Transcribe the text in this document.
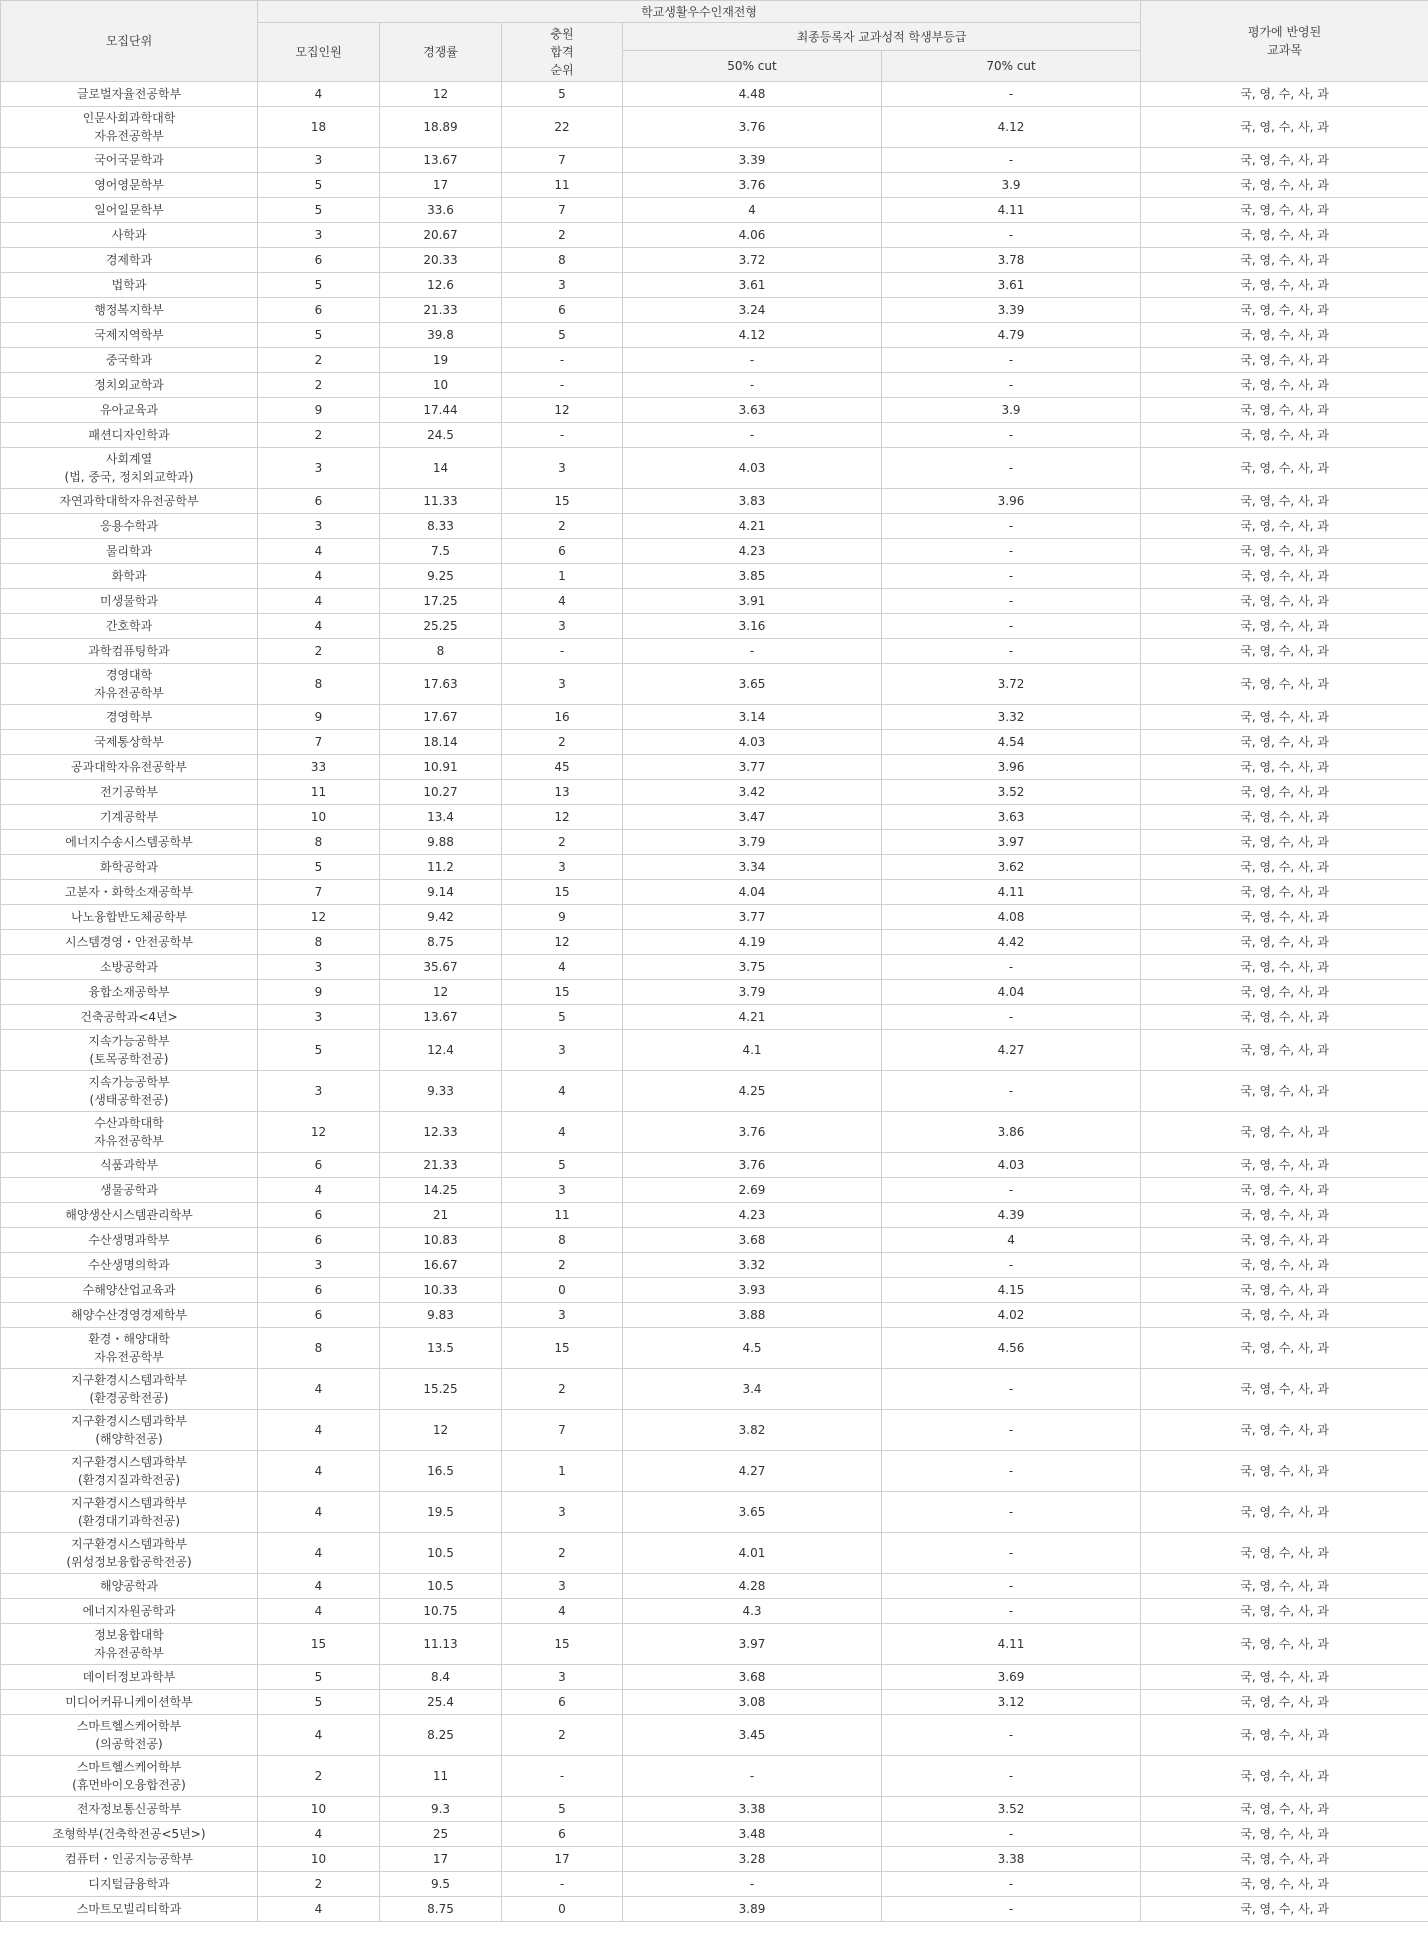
모집단위	학교생활우수인재전형					평가에 반영된
교과목
	모집인원	경쟁률	충원
합격
순위	최종등록자 교과성적 학생부등급		
				50% cut	70% cut	
글로벌자율전공학부	4	12	5	4.48	-	국, 영, 수, 사, 과
인문사회과학대학
자유전공학부	18	18.89	22	3.76	4.12	국, 영, 수, 사, 과
국어국문학과	3	13.67	7	3.39	-	국, 영, 수, 사, 과
영어영문학부	5	17	11	3.76	3.9	국, 영, 수, 사, 과
일어일문학부	5	33.6	7	4	4.11	국, 영, 수, 사, 과
사학과	3	20.67	2	4.06	-	국, 영, 수, 사, 과
경제학과	6	20.33	8	3.72	3.78	국, 영, 수, 사, 과
법학과	5	12.6	3	3.61	3.61	국, 영, 수, 사, 과
행정복지학부	6	21.33	6	3.24	3.39	국, 영, 수, 사, 과
국제지역학부	5	39.8	5	4.12	4.79	국, 영, 수, 사, 과
중국학과	2	19	-	-	-	국, 영, 수, 사, 과
정치외교학과	2	10	-	-	-	국, 영, 수, 사, 과
유아교육과	9	17.44	12	3.63	3.9	국, 영, 수, 사, 과
패션디자인학과	2	24.5	-	-	-	국, 영, 수, 사, 과
사회계열
(법, 중국, 정치외교학과)	3	14	3	4.03	-	국, 영, 수, 사, 과
자연과학대학자유전공학부	6	11.33	15	3.83	3.96	국, 영, 수, 사, 과
응용수학과	3	8.33	2	4.21	-	국, 영, 수, 사, 과
물리학과	4	7.5	6	4.23	-	국, 영, 수, 사, 과
화학과	4	9.25	1	3.85	-	국, 영, 수, 사, 과
미생물학과	4	17.25	4	3.91	-	국, 영, 수, 사, 과
간호학과	4	25.25	3	3.16	-	국, 영, 수, 사, 과
과학컴퓨팅학과	2	8	-	-	-	국, 영, 수, 사, 과
경영대학
자유전공학부	8	17.63	3	3.65	3.72	국, 영, 수, 사, 과
경영학부	9	17.67	16	3.14	3.32	국, 영, 수, 사, 과
국제통상학부	7	18.14	2	4.03	4.54	국, 영, 수, 사, 과
공과대학자유전공학부	33	10.91	45	3.77	3.96	국, 영, 수, 사, 과
전기공학부	11	10.27	13	3.42	3.52	국, 영, 수, 사, 과
기계공학부	10	13.4	12	3.47	3.63	국, 영, 수, 사, 과
에너지수송시스템공학부	8	9.88	2	3.79	3.97	국, 영, 수, 사, 과
화학공학과	5	11.2	3	3.34	3.62	국, 영, 수, 사, 과
고분자・화학소재공학부	7	9.14	15	4.04	4.11	국, 영, 수, 사, 과
나노융합반도체공학부	12	9.42	9	3.77	4.08	국, 영, 수, 사, 과
시스템경영・안전공학부	8	8.75	12	4.19	4.42	국, 영, 수, 사, 과
소방공학과	3	35.67	4	3.75	-	국, 영, 수, 사, 과
융합소재공학부	9	12	15	3.79	4.04	국, 영, 수, 사, 과
건축공학과<4년>	3	13.67	5	4.21	-	국, 영, 수, 사, 과
지속가능공학부
(토목공학전공)	5	12.4	3	4.1	4.27	국, 영, 수, 사, 과
지속가능공학부
(생태공학전공)	3	9.33	4	4.25	-	국, 영, 수, 사, 과
수산과학대학
자유전공학부	12	12.33	4	3.76	3.86	국, 영, 수, 사, 과
식품과학부	6	21.33	5	3.76	4.03	국, 영, 수, 사, 과
생물공학과	4	14.25	3	2.69	-	국, 영, 수, 사, 과
해양생산시스템관리학부	6	21	11	4.23	4.39	국, 영, 수, 사, 과
수산생명과학부	6	10.83	8	3.68	4	국, 영, 수, 사, 과
수산생명의학과	3	16.67	2	3.32	-	국, 영, 수, 사, 과
수해양산업교육과	6	10.33	0	3.93	4.15	국, 영, 수, 사, 과
해양수산경영경제학부	6	9.83	3	3.88	4.02	국, 영, 수, 사, 과
환경・해양대학
자유전공학부	8	13.5	15	4.5	4.56	국, 영, 수, 사, 과
지구환경시스템과학부
(환경공학전공)	4	15.25	2	3.4	-	국, 영, 수, 사, 과
지구환경시스템과학부
(해양학전공)	4	12	7	3.82	-	국, 영, 수, 사, 과
지구환경시스템과학부
(환경지질과학전공)	4	16.5	1	4.27	-	국, 영, 수, 사, 과
지구환경시스템과학부
(환경대기과학전공)	4	19.5	3	3.65	-	국, 영, 수, 사, 과
지구환경시스템과학부
(위성정보융합공학전공)	4	10.5	2	4.01	-	국, 영, 수, 사, 과
해양공학과	4	10.5	3	4.28	-	국, 영, 수, 사, 과
에너지자원공학과	4	10.75	4	4.3	-	국, 영, 수, 사, 과
정보융합대학
자유전공학부	15	11.13	15	3.97	4.11	국, 영, 수, 사, 과
데이터정보과학부	5	8.4	3	3.68	3.69	국, 영, 수, 사, 과
미디어커뮤니케이션학부	5	25.4	6	3.08	3.12	국, 영, 수, 사, 과
스마트헬스케어학부
(의공학전공)	4	8.25	2	3.45	-	국, 영, 수, 사, 과
스마트헬스케어학부
(휴먼바이오융합전공)	2	11	-	-	-	국, 영, 수, 사, 과
전자정보통신공학부	10	9.3	5	3.38	3.52	국, 영, 수, 사, 과
조형학부(건축학전공<5년>)	4	25	6	3.48	-	국, 영, 수, 사, 과
컴퓨터・인공지능공학부	10	17	17	3.28	3.38	국, 영, 수, 사, 과
디지털금융학과	2	9.5	-	-	-	국, 영, 수, 사, 과
스마트모빌리티학과	4	8.75	0	3.89	-	국, 영, 수, 사, 과
